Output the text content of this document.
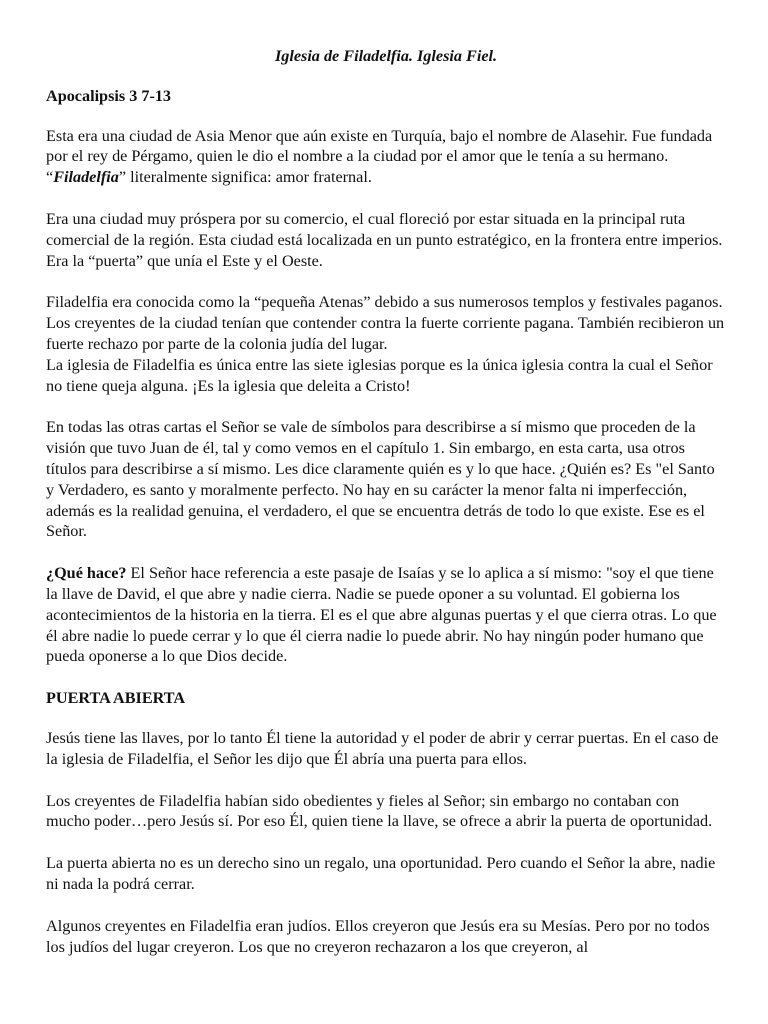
Iglesia de Filadelfia. Iglesia Fiel.
Apocalipsis 3 7-13

Esta era una ciudad de Asia Menor que aún existe en Turquía, bajo el nombre de Alasehir. Fue fundada por el rey de Pérgamo, quien le dio el nombre a la ciudad por el amor que le tenía a su hermano. “Filadelfia” literalmente significa: amor fraternal.

Era una ciudad muy próspera por su comercio, el cual floreció por estar situada en la principal ruta comercial de la región. Esta ciudad está localizada en un punto estratégico, en la frontera entre imperios. Era la “puerta” que unía el Este y el Oeste.

Filadelfia era conocida como la “pequeña Atenas” debido a sus numerosos templos y festivales paganos. Los creyentes de la ciudad tenían que contender contra la fuerte corriente pagana. También recibieron un fuerte rechazo por parte de la colonia judía del lugar.

La iglesia de Filadelfia es única entre las siete iglesias porque es la única iglesia contra la cual el Señor no tiene queja alguna. ¡Es la iglesia que deleita a Cristo!

En todas las otras cartas el Señor se vale de símbolos para describirse a sí mismo que proceden de la visión que tuvo Juan de él, tal y como vemos en el capítulo 1. Sin embargo, en esta carta, usa otros títulos para describirse a sí mismo. Les dice claramente quién es y lo que hace. ¿Quién es? Es "el Santo y Verdadero, es santo y moralmente perfecto. No hay en su carácter la menor falta ni imperfección, además es la realidad genuina, el verdadero, el que se encuentra detrás de todo lo que existe. Ese es el Señor.

¿Qué hace? El Señor hace referencia a este pasaje de Isaías y se lo aplica a sí mismo: "soy el que tiene la llave de David, el que abre y nadie cierra. Nadie se puede oponer a su voluntad. El gobierna los acontecimientos de la historia en la tierra. El es el que abre algunas puertas y el que cierra otras. Lo que él abre nadie lo puede cerrar y lo que él cierra nadie lo puede abrir. No hay ningún poder humano que pueda oponerse a lo que Dios decide.

PUERTA ABIERTA

Jesús tiene las llaves, por lo tanto Él tiene la autoridad y el poder de abrir y cerrar puertas. En el caso de la iglesia de Filadelfia, el Señor les dijo que Él abría una puerta para ellos.

Los creyentes de Filadelfia habían sido obedientes y fieles al Señor; sin embargo no contaban con mucho poder…pero Jesús sí. Por eso Él, quien tiene la llave, se ofrece a abrir la puerta de oportunidad.

La puerta abierta no es un derecho sino un regalo, una oportunidad. Pero cuando el Señor la abre, nadie ni nada la podrá cerrar.

Algunos creyentes en Filadelfia eran judíos. Ellos creyeron que Jesús era su Mesías. Pero por no todos los judíos del lugar creyeron. Los que no creyeron rechazaron a los que creyeron, al
